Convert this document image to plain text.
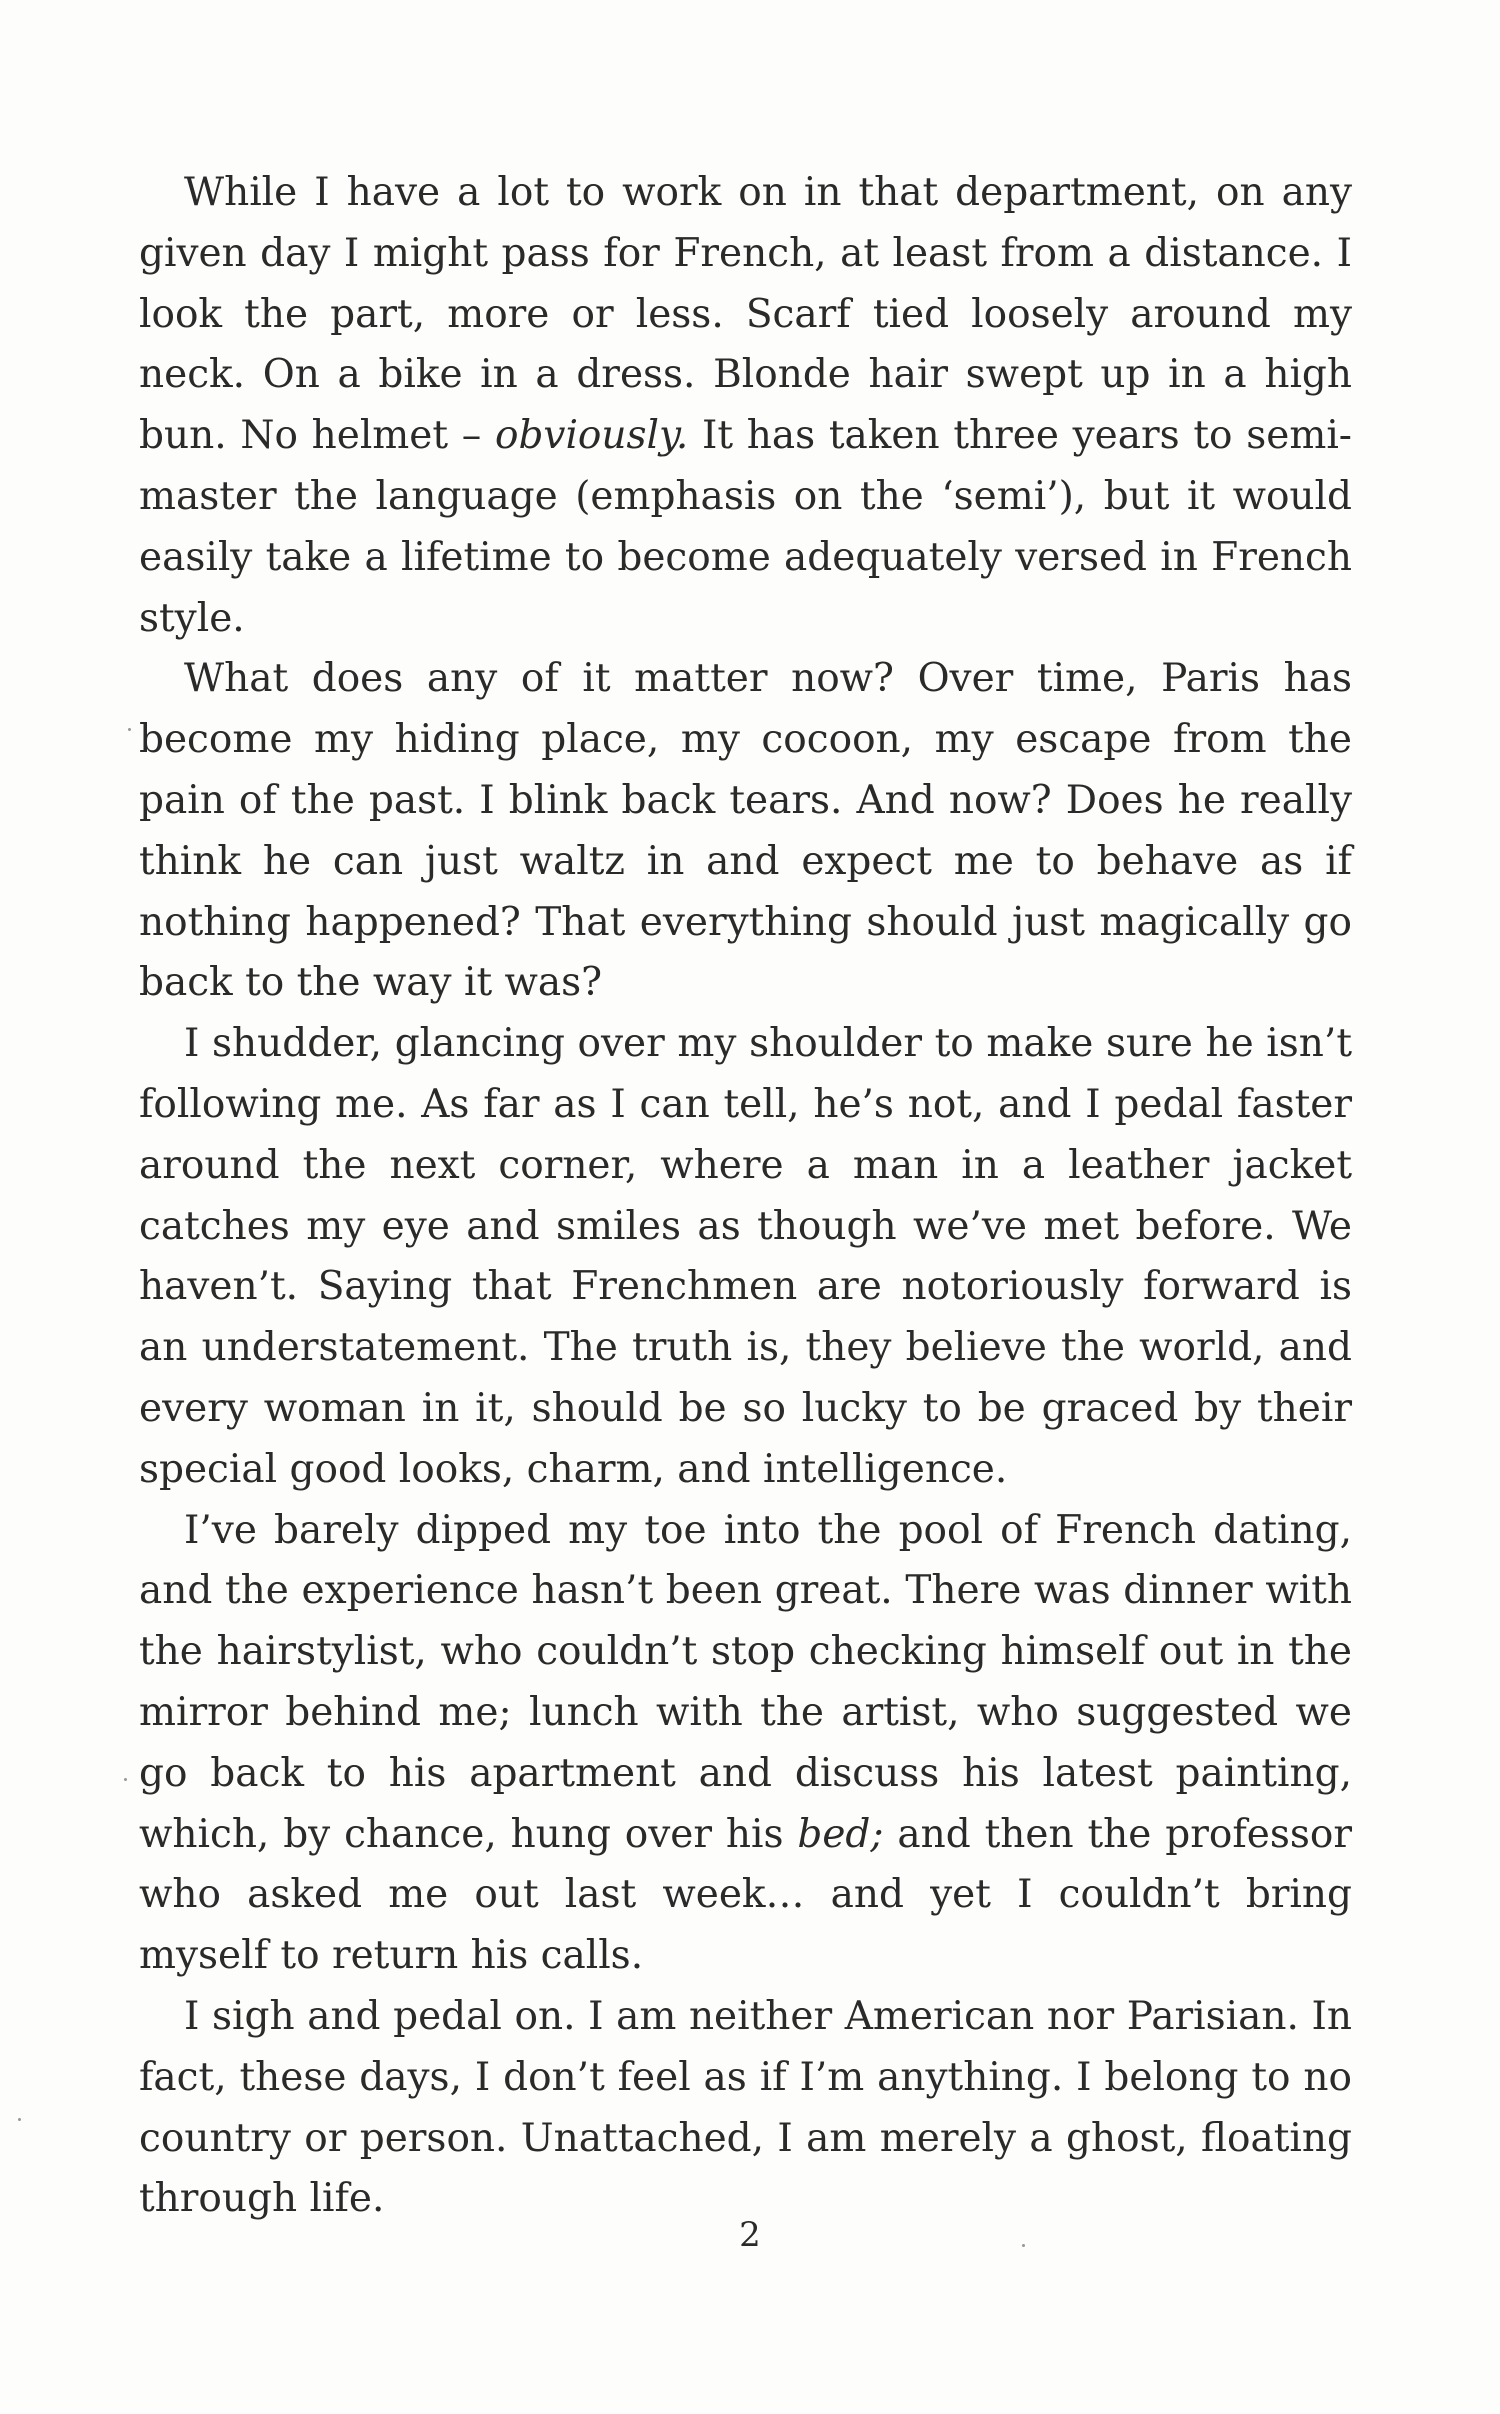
While I have a lot to work on in that department, on any given day I might pass for French, at least from a distance. I look the part, more or less. Scarf tied loosely around my neck. On a bike in a dress. Blonde hair swept up in a high bun. No helmet – obviously. It has taken three years to semi-master the language (emphasis on the ‘semi’), but it would easily take a lifetime to become adequately versed in French style.

What does any of it matter now? Over time, Paris has become my hiding place, my cocoon, my escape from the pain of the past. I blink back tears. And now? Does he really think he can just waltz in and expect me to behave as if nothing happened? That everything should just magically go back to the way it was?

I shudder, glancing over my shoulder to make sure he isn’t following me. As far as I can tell, he’s not, and I pedal faster around the next corner, where a man in a leather jacket catches my eye and smiles as though we’ve met before. We haven’t. Saying that Frenchmen are notoriously forward is an understatement. The truth is, they believe the world, and every woman in it, should be so lucky to be graced by their special good looks, charm, and intelligence.

I’ve barely dipped my toe into the pool of French dating, and the experience hasn’t been great. There was dinner with the hairstylist, who couldn’t stop checking himself out in the mirror behind me; lunch with the artist, who suggested we go back to his apartment and discuss his latest painting, which, by chance, hung over his bed; and then the professor who asked me out last week… and yet I couldn’t bring myself to return his calls.

I sigh and pedal on. I am neither American nor Parisian. In fact, these days, I don’t feel as if I’m anything. I belong to no country or person. Unattached, I am merely a ghost, floating through life.

2
